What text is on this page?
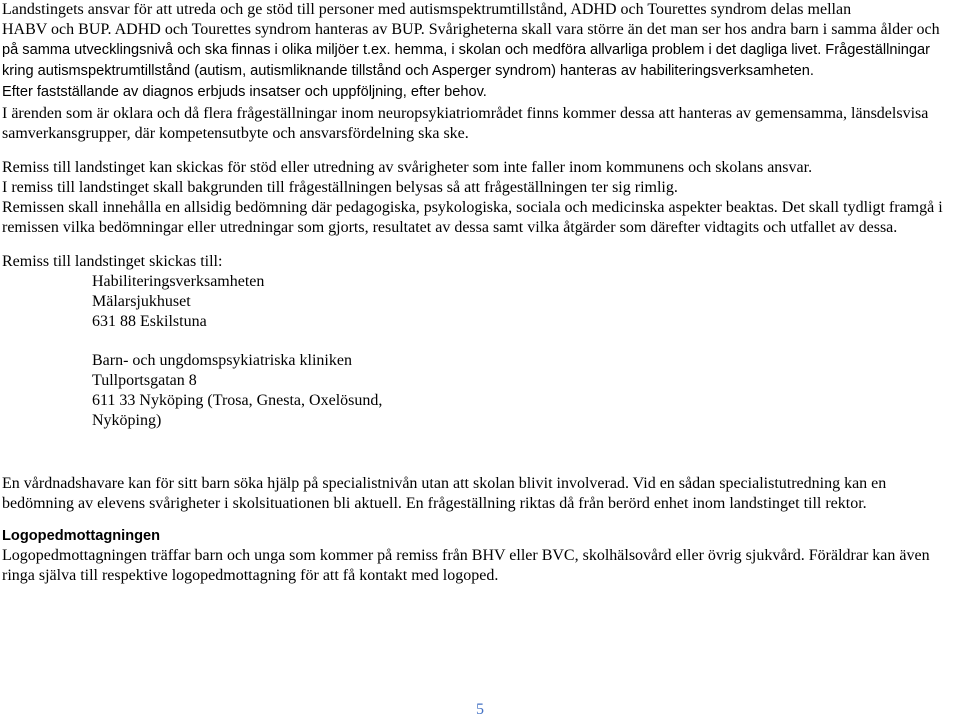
Landstingets ansvar för att utreda och ge stöd till personer med autismspektrumtillstånd, ADHD och Tourettes syndrom delas mellan

HABV och BUP. ADHD och Tourettes syndrom hanteras av BUP. Svårigheterna skall vara större än det man ser hos andra barn i samma ålder och

på samma utvecklingsnivå och ska finnas i olika miljöer t.ex. hemma, i skolan och medföra allvarliga problem i det dagliga livet. Frågeställningar

kring autismspektrumtillstånd (autism, autismliknande tillstånd och Asperger syndrom) hanteras av habiliteringsverksamheten.

Efter fastställande av diagnos erbjuds insatser och uppföljning, efter behov.

I ärenden som är oklara och då flera frågeställningar inom neuropsykiatriområdet finns kommer dessa att hanteras av gemensamma, länsdelsvisa

samverkansgrupper, där kompetensutbyte och ansvarsfördelning ska ske.

Remiss till landstinget kan skickas för stöd eller utredning av svårigheter som inte faller inom kommunens och skolans ansvar.

I remiss till landstinget skall bakgrunden till frågeställningen belysas så att frågeställningen ter sig rimlig.

Remissen skall innehålla en allsidig bedömning där pedagogiska, psykologiska, sociala och medicinska aspekter beaktas. Det skall tydligt framgå i

remissen vilka bedömningar eller utredningar som gjorts, resultatet av dessa samt vilka åtgärder som därefter vidtagits och utfallet av dessa.

Remiss till landstinget skickas till:

Habiliteringsverksamheten

Mälarsjukhuset

631 88 Eskilstuna

Barn- och ungdomspsykiatriska kliniken

Tullportsgatan 8

611 33 Nyköping (Trosa, Gnesta, Oxelösund,

Nyköping)

En vårdnadshavare kan för sitt barn söka hjälp på specialistnivån utan att skolan blivit involverad. Vid en sådan specialistutredning kan en

bedömning av elevens svårigheter i skolsituationen bli aktuell. En frågeställning riktas då från berörd enhet inom landstinget till rektor.

Logopedmottagningen

Logopedmottagningen träffar barn och unga som kommer på remiss från BHV eller BVC, skolhälsovård eller övrig sjukvård. Föräldrar kan även

ringa själva till respektive logopedmottagning för att få kontakt med logoped.

5
